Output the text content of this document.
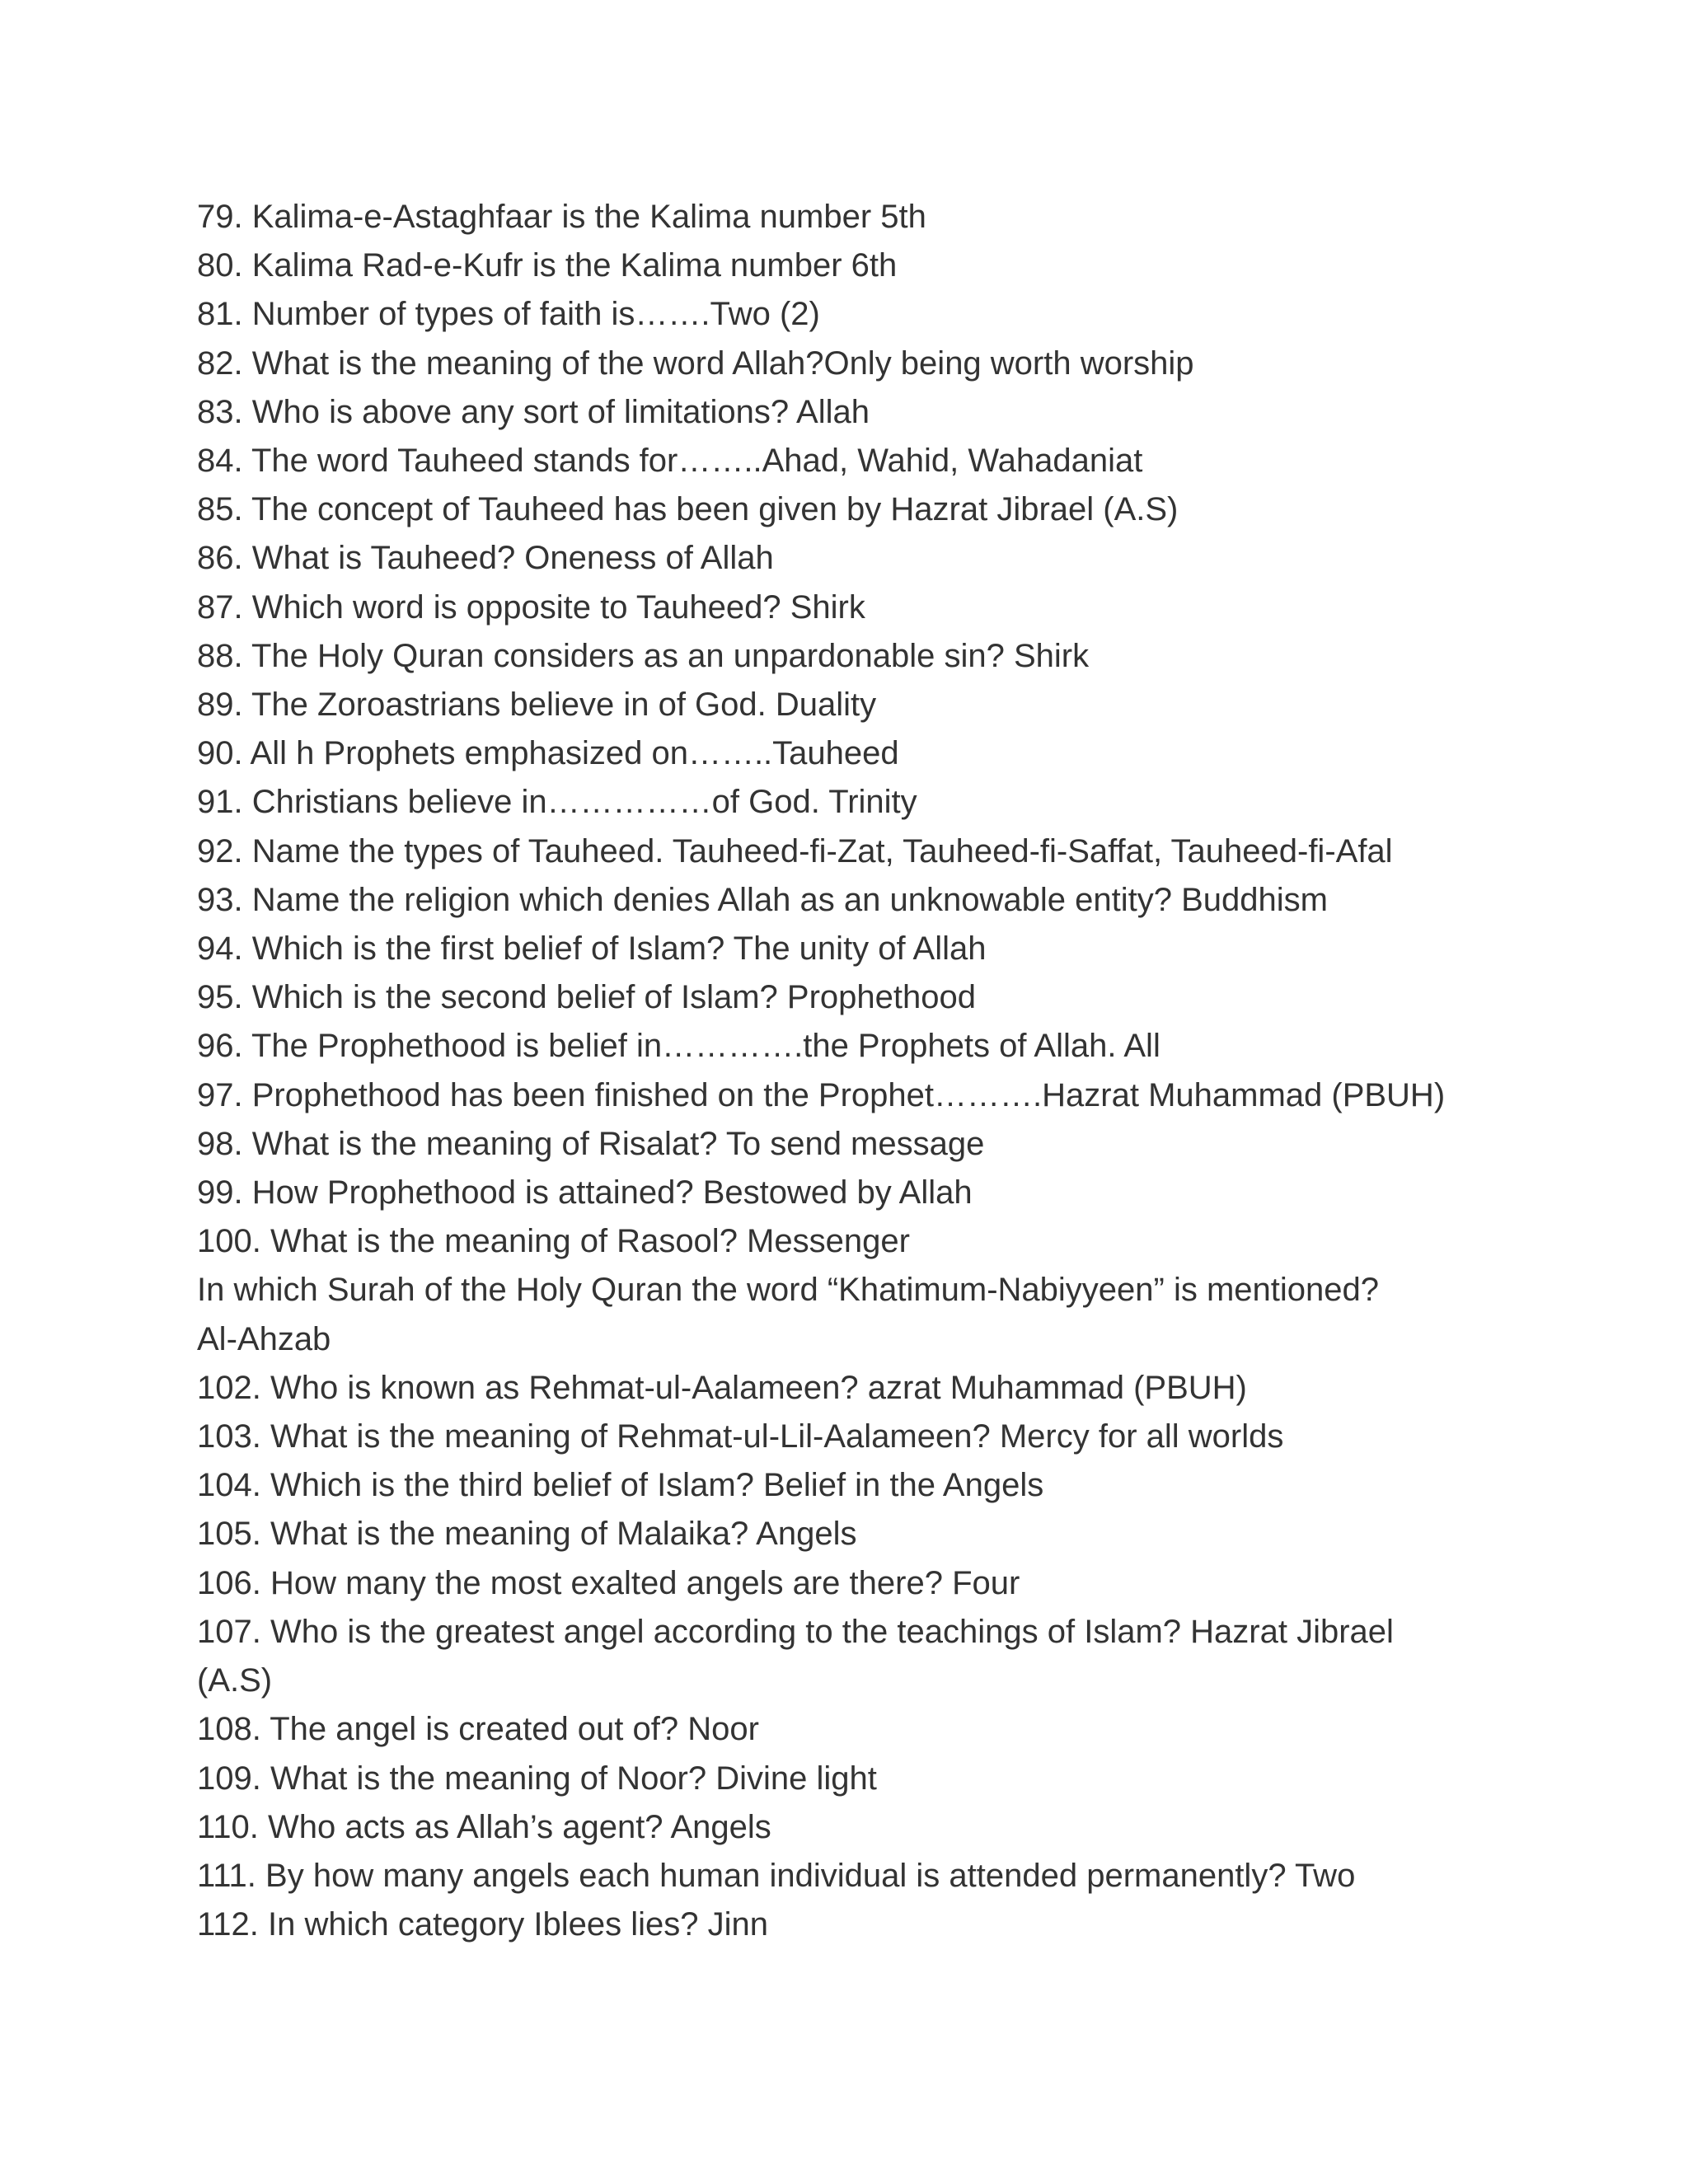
79. Kalima-e-Astaghfaar is the Kalima number 5th

80. Kalima Rad-e-Kufr is the Kalima number 6th

81. Number of types of faith is…….Two (2)

82. What is the meaning of the word Allah?Only being worth worship

83. Who is above any sort of limitations? Allah

84. The word Tauheed stands for……..Ahad, Wahid, Wahadaniat

85. The concept of Tauheed has been given by Hazrat Jibrael (A.S)

86. What is Tauheed? Oneness of Allah

87. Which word is opposite to Tauheed? Shirk

88. The Holy Quran considers as an unpardonable sin? Shirk

89. The Zoroastrians believe in of God. Duality

90. All h Prophets emphasized on……..Tauheed

91. Christians believe in……………of God. Trinity

92. Name the types of Tauheed. Tauheed-fi-Zat, Tauheed-fi-Saffat, Tauheed-fi-Afal

93. Name the religion which denies Allah as an unknowable entity? Buddhism

94. Which is the first belief of Islam? The unity of Allah

95. Which is the second belief of Islam? Prophethood

96. The Prophethood is belief in………….the Prophets of Allah. All

97. Prophethood has been finished on the Prophet……….Hazrat Muhammad (PBUH)

98. What is the meaning of Risalat? To send message

99. How Prophethood is attained? Bestowed by Allah

100. What is the meaning of Rasool? Messenger

In which Surah of the Holy Quran the word “Khatimum-Nabiyyeen” is mentioned?

Al-Ahzab

102. Who is known as Rehmat-ul-Aalameen? azrat Muhammad (PBUH)

103. What is the meaning of Rehmat-ul-Lil-Aalameen? Mercy for all worlds

104. Which is the third belief of Islam? Belief in the Angels

105. What is the meaning of Malaika? Angels

106. How many the most exalted angels are there? Four

107. Who is the greatest angel according to the teachings of Islam? Hazrat Jibrael

(A.S)

108. The angel is created out of? Noor

109. What is the meaning of Noor? Divine light

110. Who acts as Allah’s agent? Angels

111. By how many angels each human individual is attended permanently? Two

112. In which category Iblees lies? Jinn
